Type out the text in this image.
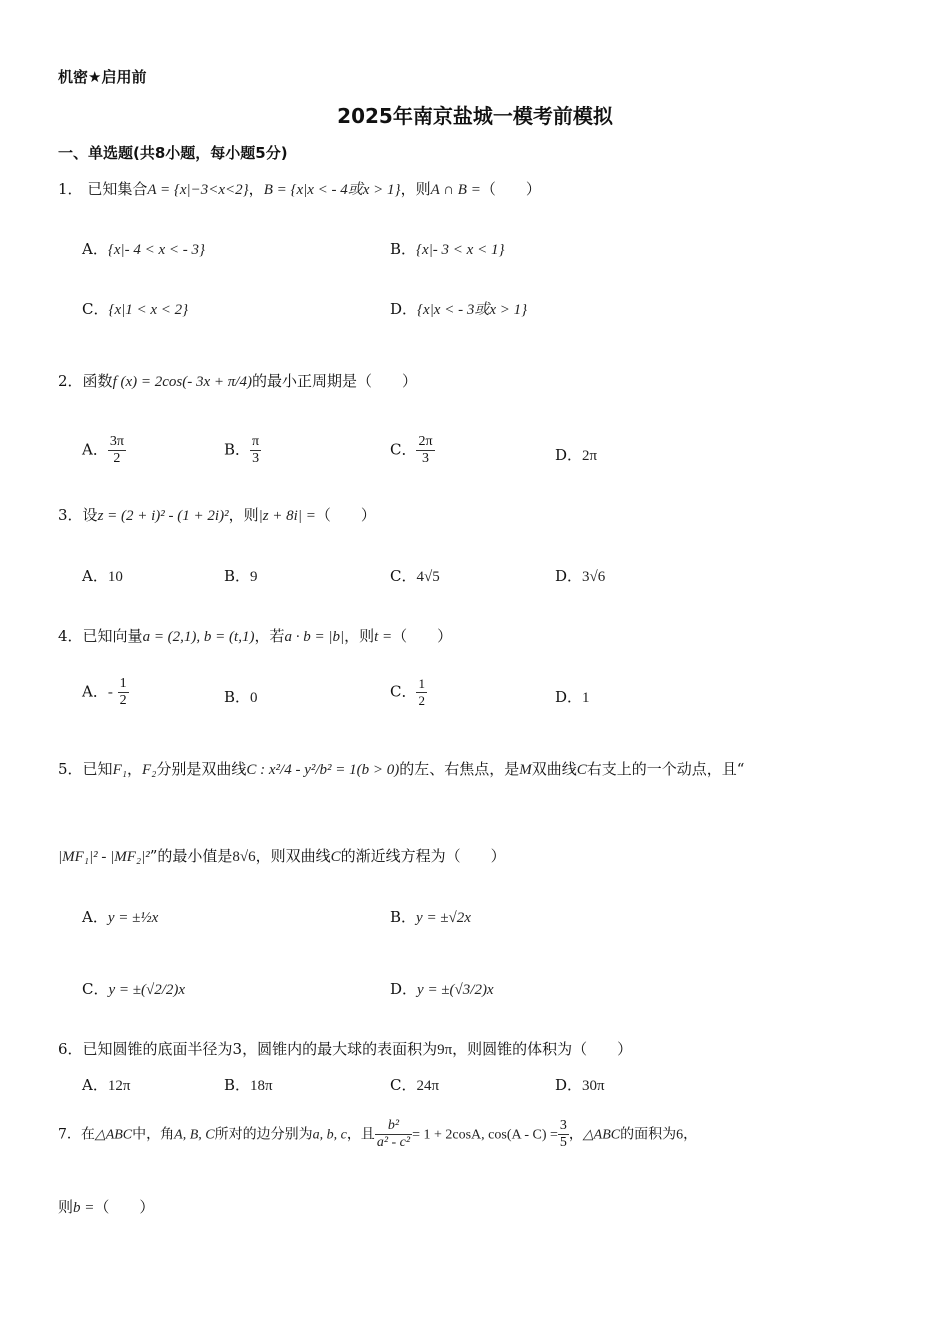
机密★启用前
2025年南京盐城一模考前模拟
一、单选题(共8小题，每小题5分)
1． 已知集合A = {x|−3<x<2}，B = {x|x < - 4或x > 1}，则A ∩ B =（　　）
A．{x|- 4 < x < - 3}	B．{x|- 3 < x < 1}
C．{x|1 < x < 2}	D．{x|x < - 3或x > 1}
2．函数f (x) = 2cos(- 3x + π/4)的最小正周期是（　　）
A． $\frac{3\pi}{2}$	B． $\frac{\pi}{3}$	C． $\frac{2\pi}{3}$	D．2π
3．设z = (2 + i)² - (1 + 2i)²，则|z + 8i| =（　　）
A．10	B．9	C．4√5	D．3√6
4．已知向量a = (2,1), b = (t,1)，若a · b = |b|，则t =（　　）
A．- $\frac{1}{2}$	B．0	C． $\frac{1}{2}$	D．1
5．已知F₁，F₂分别是双曲线C : x²/4 - y²/b² = 1(b > 0)的左、右焦点，是M双曲线C右支上的一个动点，且“
|MF₁|² - |MF₂|²”的最小值是8√6，则双曲线C的渐近线方程为（　　）
A．y = ±½x	B．y = ±√2x
C．y = ±(√2/2)x	D．y = ±(√3/2)x
6．已知圆锥的底面半径为3，圆锥内的最大球的表面积为9π，则圆锥的体积为（　　）
A．12π	B．18π	C．24π	D．30π
7．在△ABC中，角A, B, C所对的边分别为a, b, c，且 $\frac{\text{b²}}{\text{a² - c²}} = 1 + 2\cos A$, $\cos(A - C) = \frac{3}{5}$ ，△ABC的面积为6，
则b =（　　）
